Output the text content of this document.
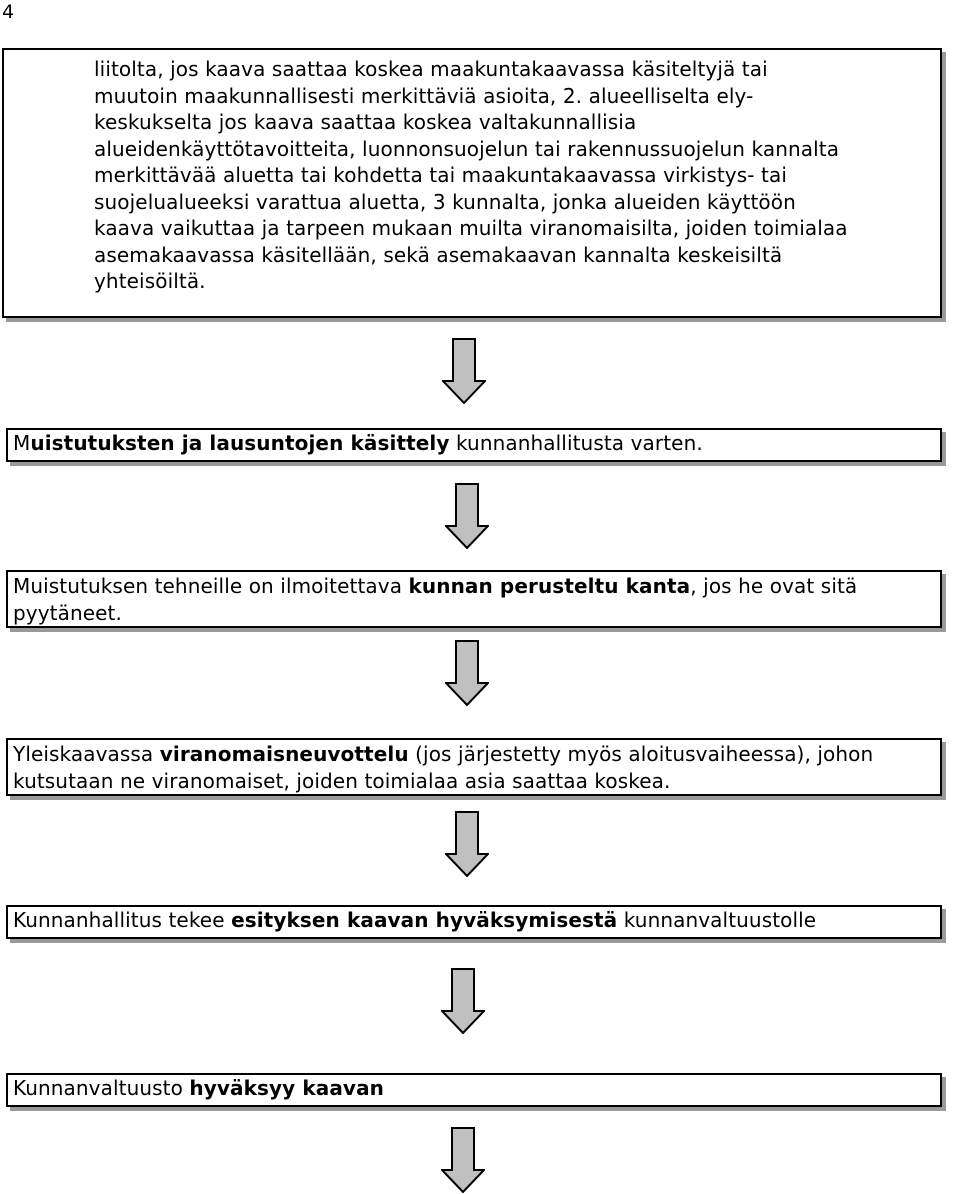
4
liitolta, jos kaava saattaa koskea maakuntakaavassa käsiteltyjä tai
muutoin maakunnallisesti merkittäviä asioita, 2. alueelliselta ely-
keskukselta jos kaava saattaa koskea valtakunnallisia
alueidenkäyttötavoitteita, luonnonsuojelun tai rakennussuojelun kannalta
merkittävää aluetta tai kohdetta tai maakuntakaavassa virkistys- tai
suojelualueeksi varattua aluetta, 3 kunnalta, jonka alueiden käyttöön
kaava vaikuttaa ja tarpeen mukaan muilta viranomaisilta, joiden toimialaa
asemakaavassa käsitellään, sekä asemakaavan kannalta keskeisiltä
yhteisöiltä.
Muistutuksten ja lausuntojen käsittely kunnanhallitusta varten.
Muistutuksen tehneille on ilmoitettava kunnan perusteltu kanta, jos he ovat sitä pyytäneet.
Yleiskaavassa viranomaisneuvottelu (jos järjestetty myös aloitusvaiheessa), johon kutsutaan ne viranomaiset, joiden toimialaa asia saattaa koskea.
Kunnanhallitus tekee esityksen kaavan hyväksymisestä kunnanvaltuustolle
Kunnanvaltuusto hyväksyy kaavan
